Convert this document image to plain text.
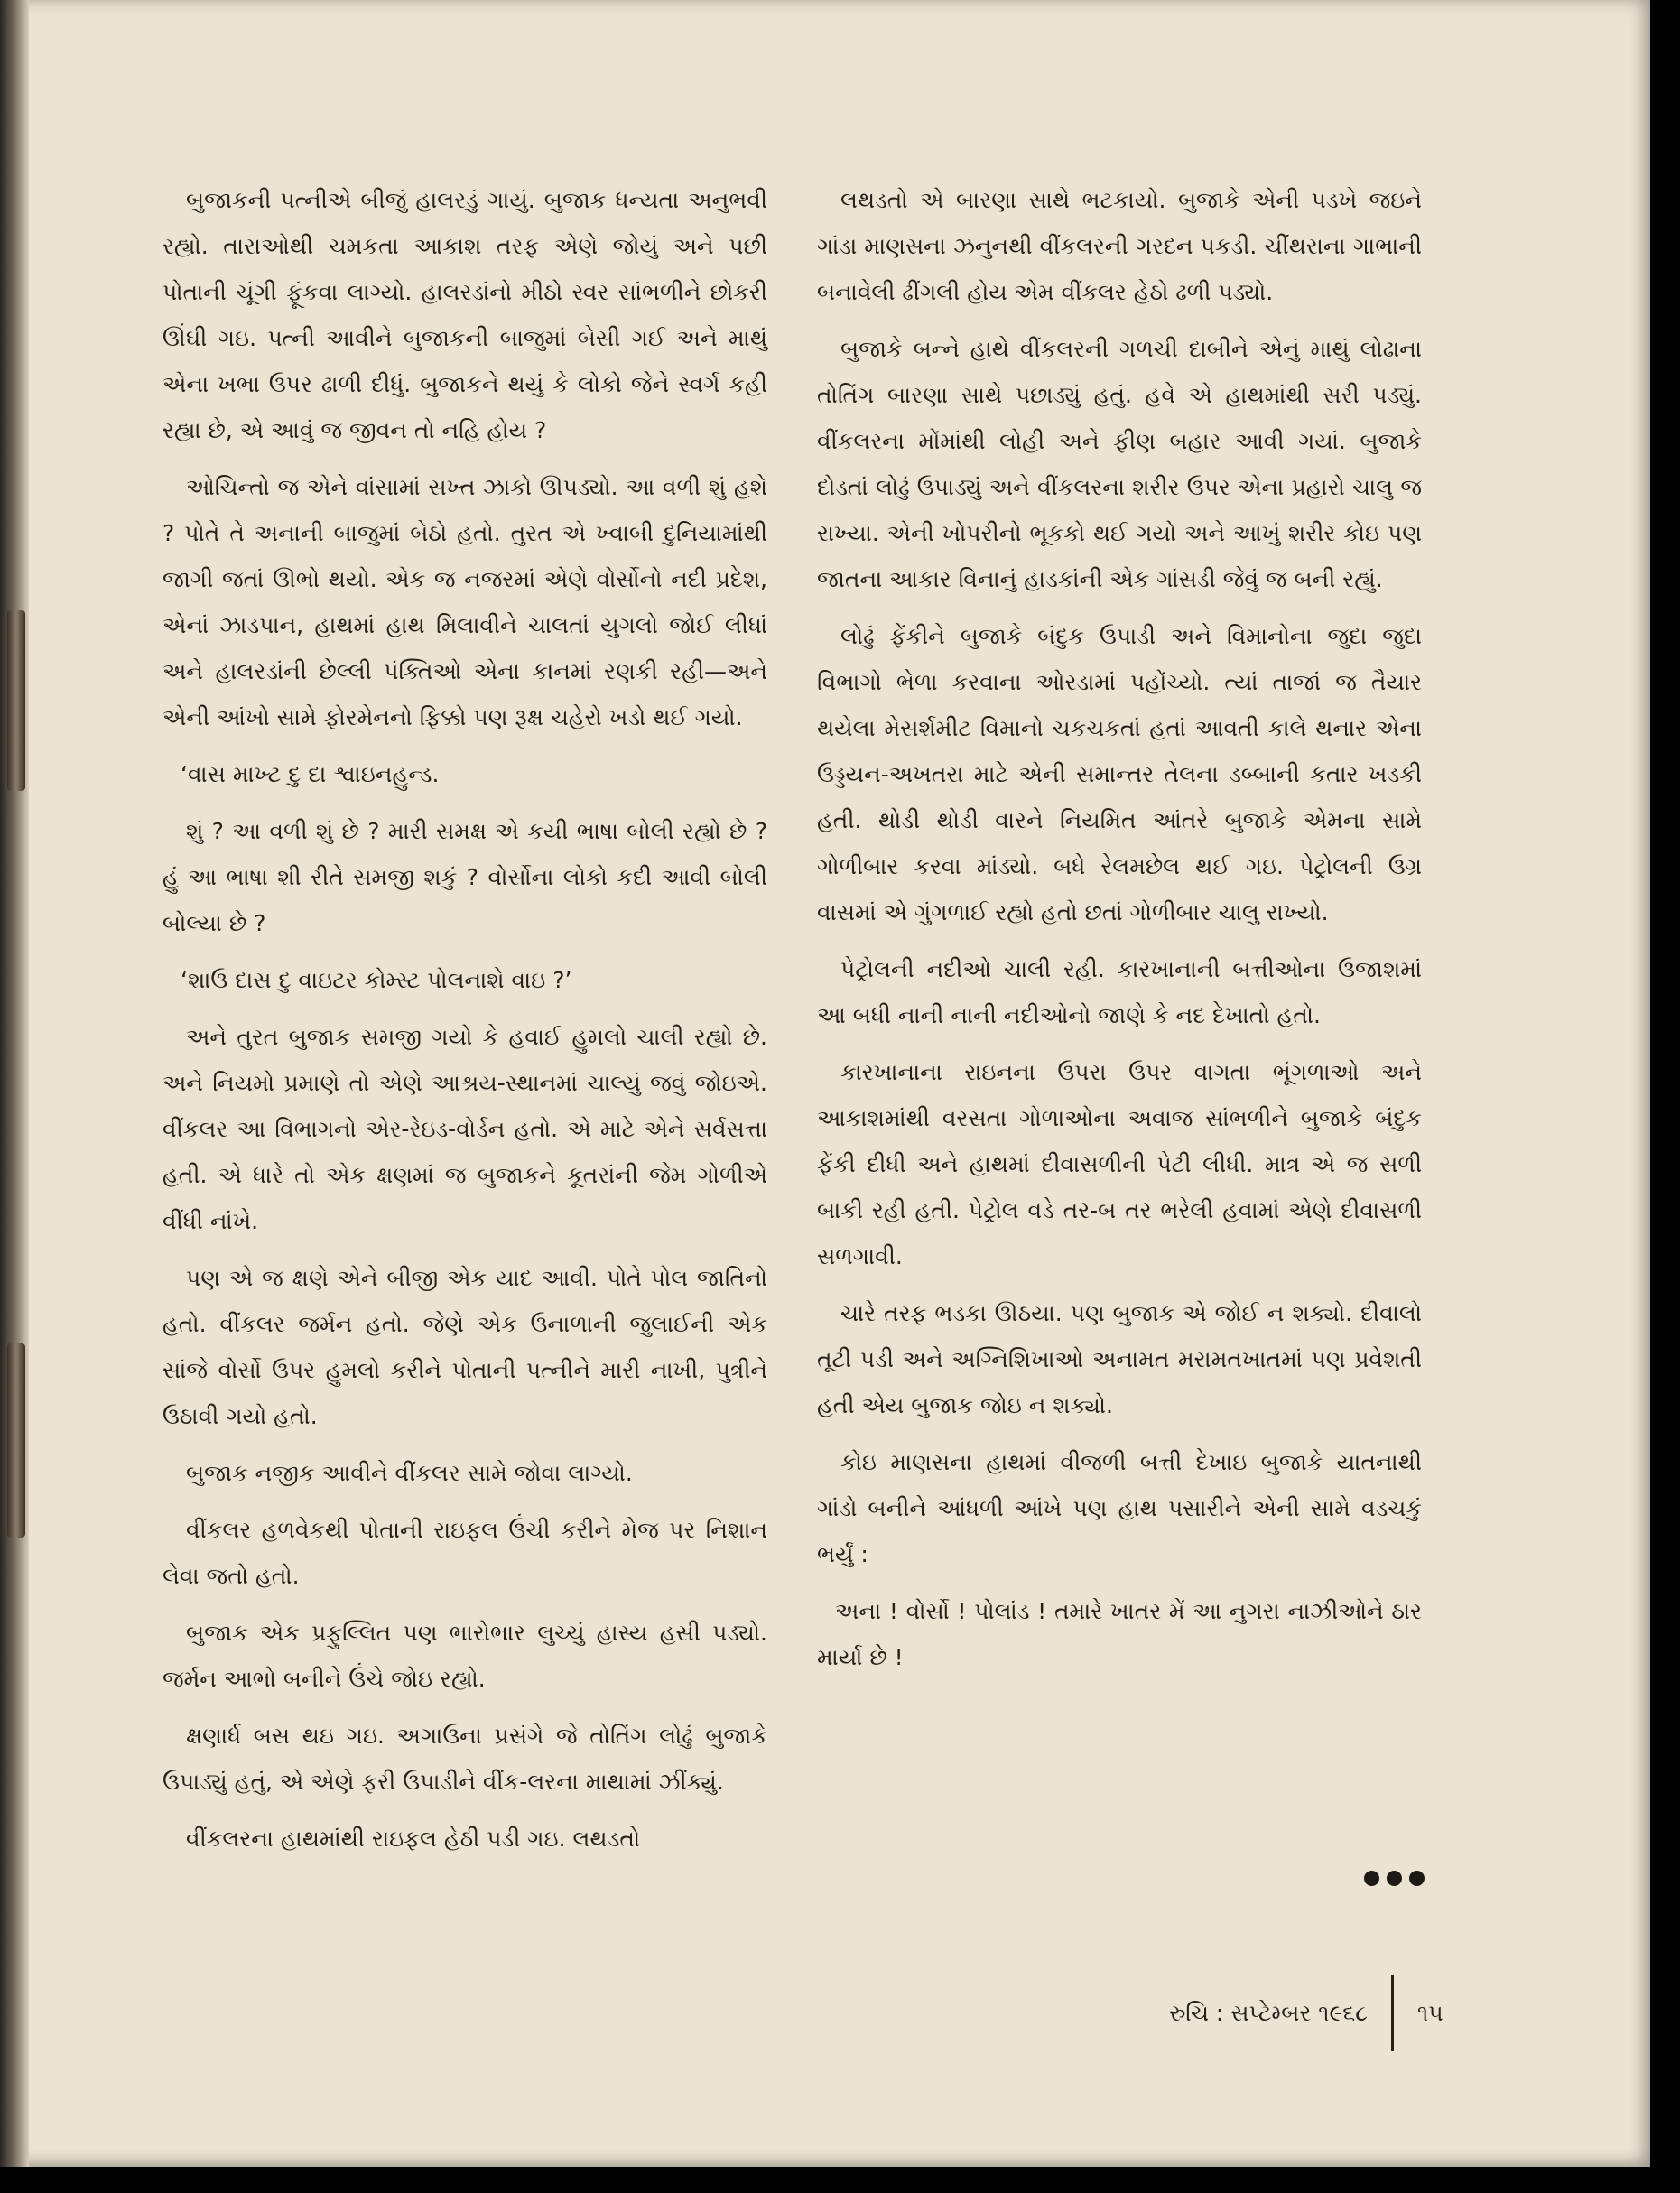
બુજાકની પત્નીએ બીજું હાલરડું ગાયું. બુજાક ધન્યતા અનુભવી રહ્યો. તારાઓથી ચમકતા આકાશ તરફ એણે જોયું અને પછી પોતાની ચૂંગી ફૂંકવા લાગ્યો. હાલરડાંનો મીઠો સ્વર સાંભળીને છોકરી ઊંઘી ગઇ. પત્ની આવીને બુજાકની બાજુમાં બેસી ગઈ અને માથું એના ખભા ઉપર ઢાળી દીધું. બુજાકને થયું કે લોકો જેને સ્વર્ગ કહી રહ્યા છે, એ આવું જ જીવન તો નહિ હોય ?

ઓચિન્તો જ એને વાંસામાં સખ્ત ઝાકો ઊપડ્યો. આ વળી શું હશે ? પોતે તે અનાની બાજુમાં બેઠો હતો. તુરત એ ખ્વાબી દુનિયામાંથી જાગી જતાં ઊભો થયો. એક જ નજરમાં એણે વોર્સોનો નદી પ્રદેશ, એનાં ઝાડપાન, હાથમાં હાથ મિલાવીને ચાલતાં યુગલો જોઈ લીધાં અને હાલરડાંની છેલ્લી પંક્તિઓ એના કાનમાં રણકી રહી—અને એની આંખો સામે ફોરમેનનો ફિક્કો પણ રૂક્ષ ચહેરો ખડો થઈ ગયો.

‘વાસ માખ્ટ દુ દા શ્વાઇનહુન્ડ.

શું ? આ વળી શું છે ? મારી સમક્ષ એ કયી ભાષા બોલી રહ્યો છે ? હું આ ભાષા શી રીતે સમજી શકું ? વોર્સોના લોકો કદી આવી બોલી બોલ્યા છે ?

‘શાઉ દાસ દુ વાઇટર કોમ્સ્ટ પોલનાશે વાઇ ?’

અને તુરત બુજાક સમજી ગયો કે હવાઈ હુમલો ચાલી રહ્યો છે. અને નિયમો પ્રમાણે તો એણે આશ્રય-સ્થાનમાં ચાલ્યું જવું જોઇએ. વીંકલર આ વિભાગનો એર-રેઇડ-વોર્ડન હતો. એ માટે એને સર્વસત્તા હતી. એ ધારે તો એક ક્ષણમાં જ બુજાકને કૂતરાંની જેમ ગોળીએ વીંધી નાંખે.

પણ એ જ ક્ષણે એને બીજી એક યાદ આવી. પોતે પોલ જાતિનો હતો. વીંકલર જર્મન હતો. જેણે એક ઉનાળાની જુલાઈની એક સાંજે વોર્સો ઉપર હુમલો કરીને પોતાની પત્નીને મારી નાખી, પુત્રીને ઉઠાવી ગયો હતો.

બુજાક નજીક આવીને વીંકલર સામે જોવા લાગ્યો.

વીંકલર હળવેકથી પોતાની રાઇફલ ઉંચી કરીને મેજ પર નિશાન લેવા જતો હતો.

બુજાક એક પ્રફુલ્લિત પણ ભારોભાર લુચ્ચું હાસ્ય હસી પડ્યો. જર્મન આભો બનીને ઉંચે જોઇ રહ્યો.

ક્ષણાર્ધ બસ થઇ ગઇ. અગાઉના પ્રસંગે જે તોતિંગ લોઢું બુજાકે ઉપાડ્યું હતું, એ એણે ફરી ઉપાડીને વીંક-લરના માથામાં ઝીંક્યું.

વીંકલરના હાથમાંથી રાઇફલ હેઠી પડી ગઇ. લથડતો

લથડતો એ બારણા સાથે ભટકાયો. બુજાકે એની પડખે જઇને ગાંડા માણસના ઝનુનથી વીંકલરની ગરદન પકડી. ચીંથરાના ગાભાની બનાવેલી ઢીંગલી હોય એમ વીંકલર હેઠો ઢળી પડ્યો.

બુજાકે બન્ને હાથે વીંકલરની ગળચી દાબીને એનું માથું લોઢાના તોતિંગ બારણા સાથે પછાડ્યું હતું. હવે એ હાથમાંથી સરી પડ્યું. વીંકલરના મોંમાંથી લોહી અને ફીણ બહાર આવી ગયાં. બુજાકે દોડતાં લોઢું ઉપાડ્યું અને વીંકલરના શરીર ઉપર એના પ્રહારો ચાલુ જ રાખ્યા. એની ખોપરીનો ભૂકકો થઈ ગયો અને આખું શરીર કોઇ પણ જાતના આકાર વિનાનું હાડકાંની એક ગાંસડી જેવું જ બની રહ્યું.

લોઢું ફેંકીને બુજાકે બંદુક ઉપાડી અને વિમાનોના જુદા જુદા વિભાગો ભેળા કરવાના ઓરડામાં પહોંચ્યો. ત્યાં તાજાં જ તૈયાર થયેલા મેસર્શમીટ વિમાનો ચકચકતાં હતાં આવતી કાલે થનાર એના ઉડ્ડયન-અખતરા માટે એની સમાન્તર તેલના ડબ્બાની કતાર ખડકી હતી. થોડી થોડી વારને નિયમિત આંતરે બુજાકે એમના સામે ગોળીબાર કરવા માંડ્યો. બધે રેલમછેલ થઈ ગઇ. પેટ્રોલની ઉગ્ર વાસમાં એ ગુંગળાઈ રહ્યો હતો છતાં ગોળીબાર ચાલુ રાખ્યો.

પેટ્રોલની નદીઓ ચાલી રહી. કારખાનાની બત્તીઓના ઉજાશમાં આ બધી નાની નાની નદીઓનો જાણે કે નદ દેખાતો હતો.

કારખાનાના રાઇનના ઉપરા ઉપર વાગતા ભૂંગળાઓ અને આકાશમાંથી વરસતા ગોળાઓના અવાજ સાંભળીને બુજાકે બંદુક ફેંકી દીધી અને હાથમાં દીવાસળીની પેટી લીધી. માત્ર એ જ સળી બાકી રહી હતી. પેટ્રોલ વડે તર-બ તર ભરેલી હવામાં એણે દીવાસળી સળગાવી.

ચારે તરફ ભડકા ઊઠયા. પણ બુજાક એ જોઈ ન શક્યો. દીવાલો તૂટી પડી અને અગ્નિશિખાઓ અનામત મરામતખાતમાં પણ પ્રવેશતી હતી એય બુજાક જોઇ ન શક્યો.

કોઇ માણસના હાથમાં વીજળી બત્તી દેખાઇ બુજાકે યાતનાથી ગાંડો બનીને આંધળી આંખે પણ હાથ પસારીને એની સામે વડચકું ભર્યું :

અના ! વોર્સો ! પોલાંડ ! તમારે ખાતર મેં આ નુગરા નાઝીઓને ઠાર માર્યા છે !

રુચિ : સપ્ટેમ્બર ૧૯૬૮	૧૫
